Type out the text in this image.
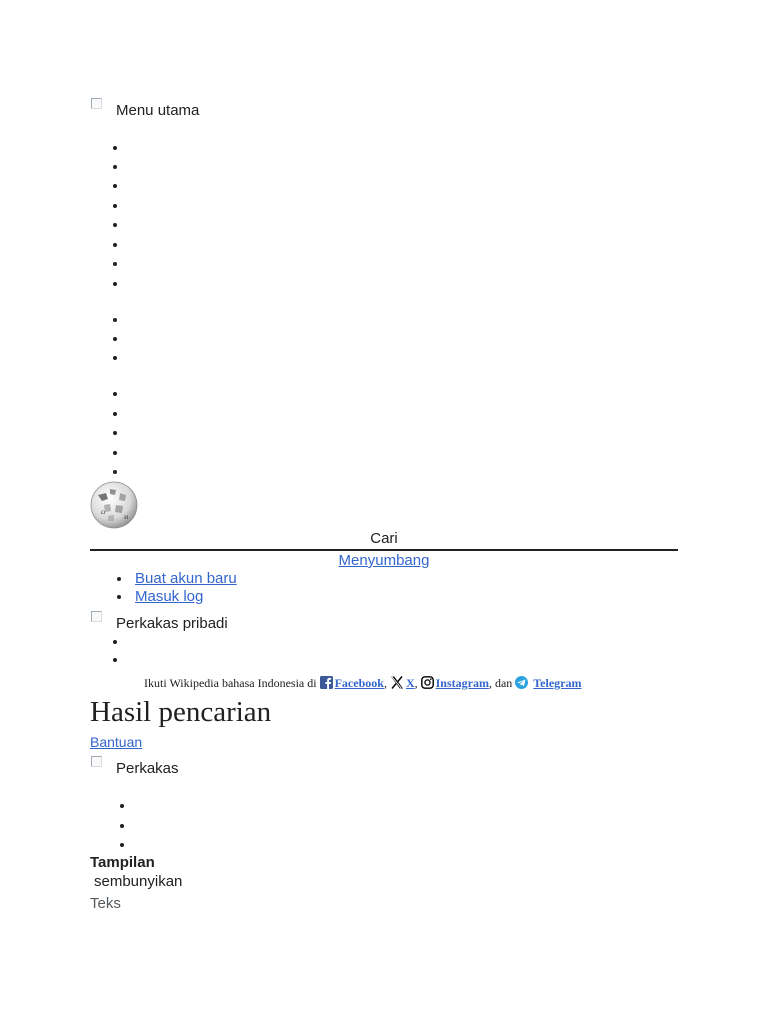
Menu utama
Ω
И
Cari
Menyumbang
Buat akun baru
Masuk log
Perkakas pribadi
Ikuti Wikipedia bahasa Indonesia di Facebook, X, Instagram, dan Telegram
Hasil pencarian
Bantuan
Perkakas
Tampilan
sembunyikan
Teks
